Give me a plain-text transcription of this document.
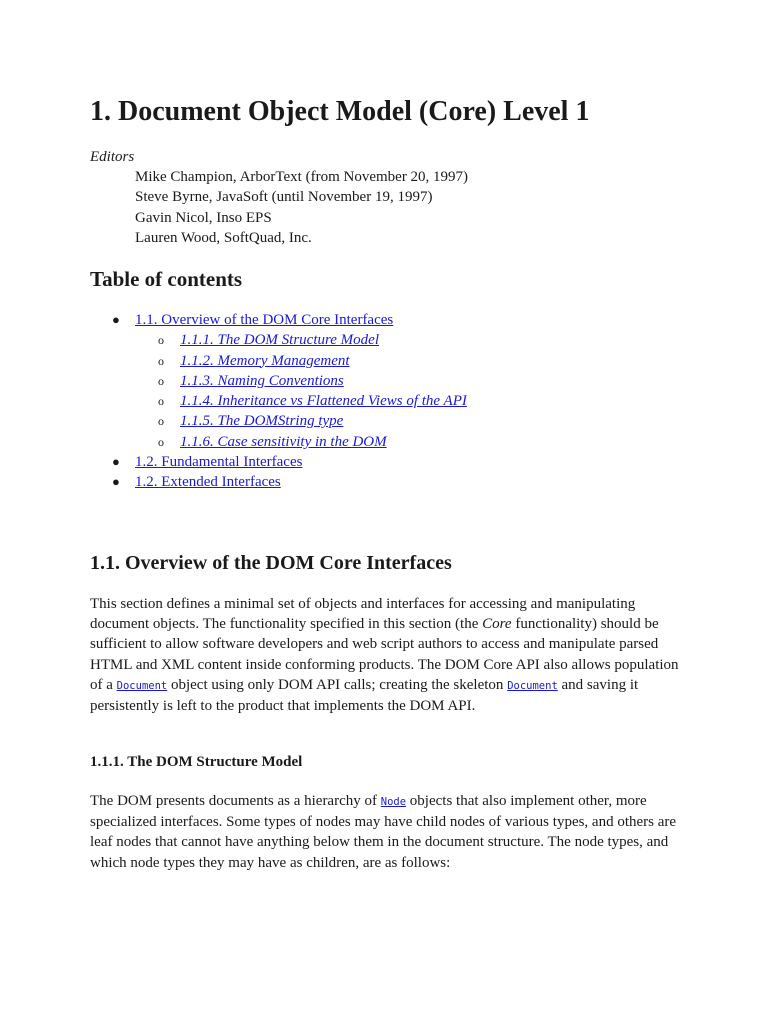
1. Document Object Model (Core) Level 1
Editors
Mike Champion, ArborText (from November 20, 1997)
Steve Byrne, JavaSoft (until November 19, 1997)
Gavin Nicol, Inso EPS
Lauren Wood, SoftQuad, Inc.
Table of contents
● 1.1. Overview of the DOM Core Interfaces
o 1.1.1. The DOM Structure Model
o 1.1.2. Memory Management
o 1.1.3. Naming Conventions
o 1.1.4. Inheritance vs Flattened Views of the API
o 1.1.5. The DOMString type
o 1.1.6. Case sensitivity in the DOM
● 1.2. Fundamental Interfaces
● 1.2. Extended Interfaces
1.1. Overview of the DOM Core Interfaces

This section defines a minimal set of objects and interfaces for accessing and manipulating document objects. The functionality specified in this section (the Core functionality) should be sufficient to allow software developers and web script authors to access and manipulate parsed HTML and XML content inside conforming products. The DOM Core API also allows population of a Document object using only DOM API calls; creating the skeleton Document and saving it persistently is left to the product that implements the DOM API.

1.1.1. The DOM Structure Model

The DOM presents documents as a hierarchy of Node objects that also implement other, more specialized interfaces. Some types of nodes may have child nodes of various types, and others are leaf nodes that cannot have anything below them in the document structure. The node types, and which node types they may have as children, are as follows:
